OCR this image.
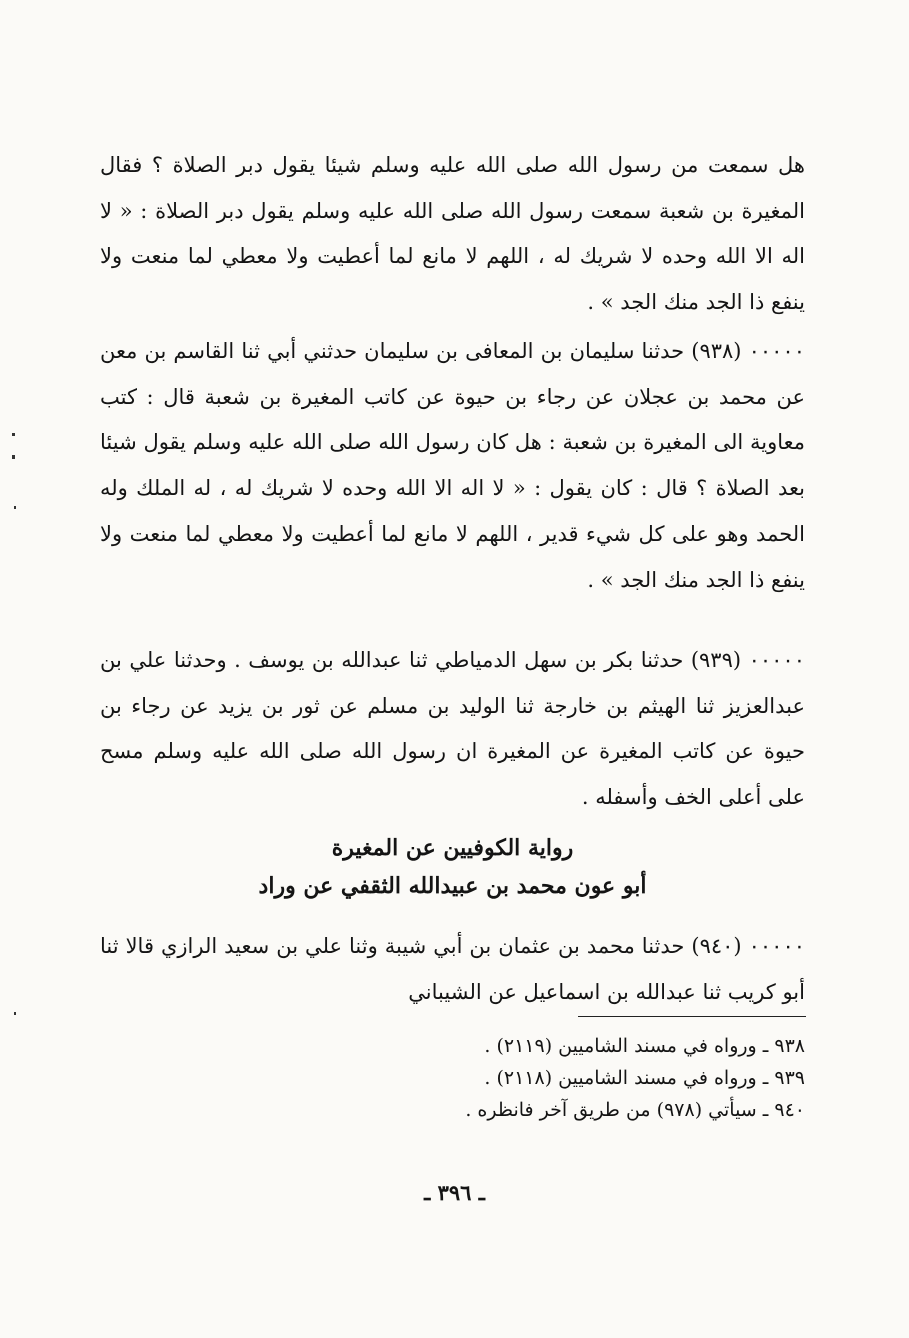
هل سمعت من رسول الله صلى الله عليه وسلم شيئا يقول دبر الصلاة ؟ فقال المغيرة بن شعبة سمعت رسول الله صلى الله عليه وسلم يقول دبر الصلاة : « لا اله الا الله وحده لا شريك له ، اللهم لا مانع لما أعطيت ولا معطي لما منعت ولا ينفع ذا الجد منك الجد » .
٠٠٠٠٠ (٩٣٨) حدثنا سليمان بن المعافى بن سليمان حدثني أبي ثنا القاسم بن معن عن محمد بن عجلان عن رجاء بن حيوة عن كاتب المغيرة بن شعبة قال : كتب معاوية الى المغيرة بن شعبة : هل كان رسول الله صلى الله عليه وسلم يقول شيئا بعد الصلاة ؟ قال : كان يقول : « لا اله الا الله وحده لا شريك له ، له الملك وله الحمد وهو على كل شيء قدير ، اللهم لا مانع لما أعطيت ولا معطي لما منعت ولا ينفع ذا الجد منك الجد » .
٠٠٠٠٠ (٩٣٩) حدثنا بكر بن سهل الدمياطي ثنا عبدالله بن يوسف . وحدثنا علي بن عبدالعزيز ثنا الهيثم بن خارجة ثنا الوليد بن مسلم عن ثور بن يزيد عن رجاء بن حيوة عن كاتب المغيرة عن المغيرة ان رسول الله صلى الله عليه وسلم مسح على أعلى الخف وأسفله .
رواية الكوفيين عن المغيرة
أبو عون محمد بن عبيدالله الثقفي عن وراد
٠٠٠٠٠ (٩٤٠) حدثنا محمد بن عثمان بن أبي شيبة وثنا علي بن سعيد الرازي قالا ثنا أبو كريب ثنا عبدالله بن اسماعيل عن الشيباني
٩٣٨ ـ ورواه في مسند الشاميين (٢١١٩) .
٩٣٩ ـ ورواه في مسند الشاميين (٢١١٨) .
٩٤٠ ـ سيأتي (٩٧٨) من طريق آخر فانظره .
ـ ٣٩٦ ـ
